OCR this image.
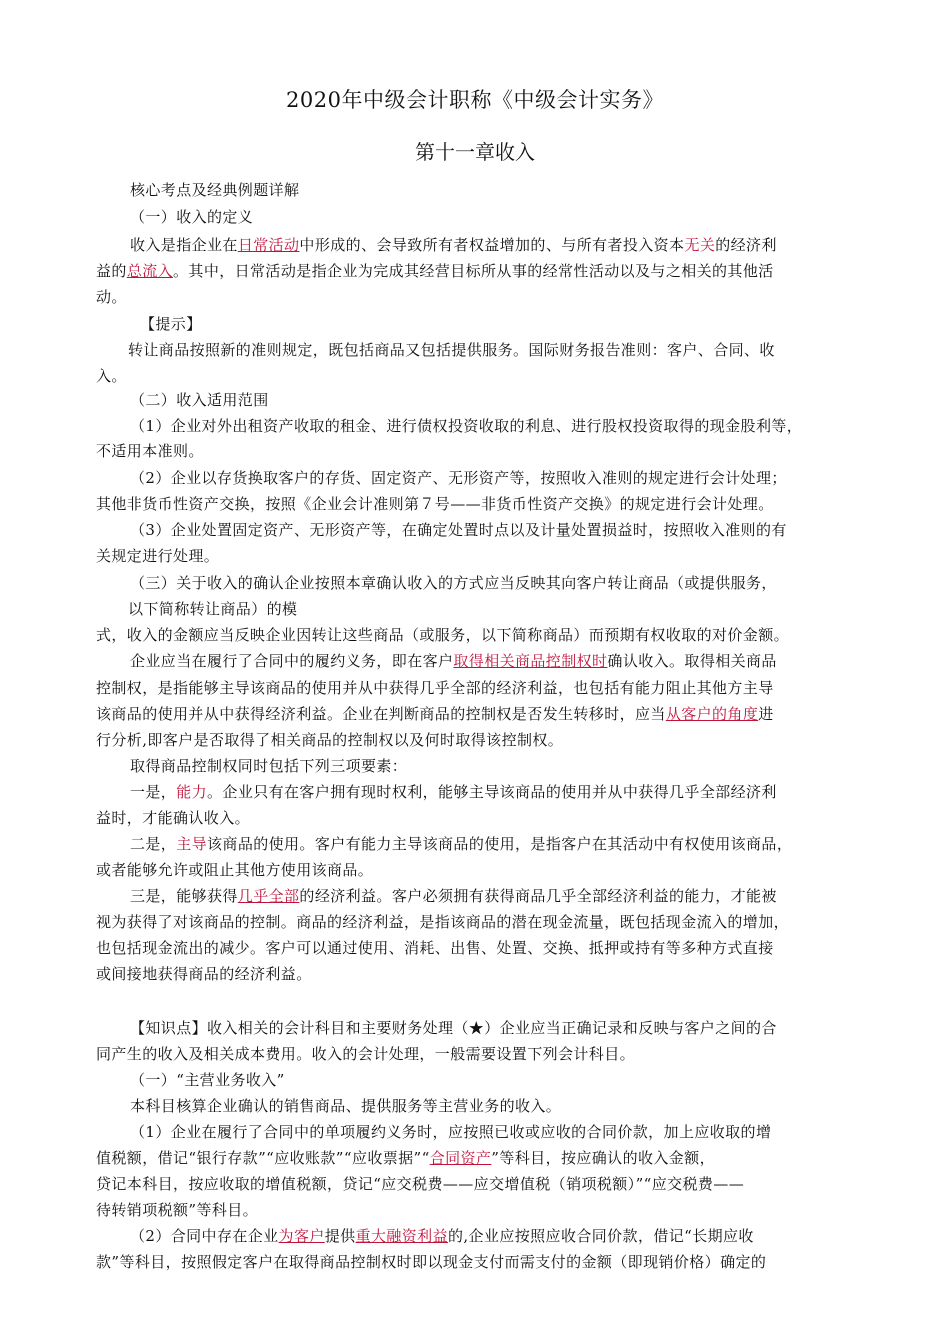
2020年中级会计职称《中级会计实务》
第十一章收入
核心考点及经典例题详解
（一）收入的定义
收入是指企业在日常活动中形成的、会导致所有者权益增加的、与所有者投入资本无关的经济利
益的总流入。其中，日常活动是指企业为完成其经营目标所从事的经常性活动以及与之相关的其他活
动。
【提示】
转让商品按照新的准则规定，既包括商品又包括提供服务。国际财务报告准则：客户、合同、收
入。
（二）收入适用范围
（1）企业对外出租资产收取的租金、进行债权投资收取的利息、进行股权投资取得的现金股利等，
不适用本准则。
（2）企业以存货换取客户的存货、固定资产、无形资产等，按照收入准则的规定进行会计处理；
其他非货币性资产交换，按照《企业会计准则第７号——非货币性资产交换》的规定进行会计处理。
（3）企业处置固定资产、无形资产等，在确定处置时点以及计量处置损益时，按照收入准则的有
关规定进行处理。
（三）关于收入的确认企业按照本章确认收入的方式应当反映其向客户转让商品（或提供服务，
以下简称转让商品）的模
式，收入的金额应当反映企业因转让这些商品（或服务，以下简称商品）而预期有权收取的对价金额。
企业应当在履行了合同中的履约义务，即在客户取得相关商品控制权时确认收入。取得相关商品
控制权，是指能够主导该商品的使用并从中获得几乎全部的经济利益，也包括有能力阻止其他方主导
该商品的使用并从中获得经济利益。企业在判断商品的控制权是否发生转移时，应当从客户的角度进
行分析,即客户是否取得了相关商品的控制权以及何时取得该控制权。
取得商品控制权同时包括下列三项要素：
一是，能力。企业只有在客户拥有现时权利，能够主导该商品的使用并从中获得几乎全部经济利
益时，才能确认收入。
二是，主导该商品的使用。客户有能力主导该商品的使用，是指客户在其活动中有权使用该商品，
或者能够允许或阻止其他方使用该商品。
三是，能够获得几乎全部的经济利益。客户必须拥有获得商品几乎全部经济利益的能力，才能被
视为获得了对该商品的控制。商品的经济利益，是指该商品的潜在现金流量，既包括现金流入的增加，
也包括现金流出的减少。客户可以通过使用、消耗、出售、处置、交换、抵押或持有等多种方式直接
或间接地获得商品的经济利益。
【知识点】收入相关的会计科目和主要财务处理（★）企业应当正确记录和反映与客户之间的合
同产生的收入及相关成本费用。收入的会计处理，一般需要设置下列会计科目。
（一）“主营业务收入”
本科目核算企业确认的销售商品、提供服务等主营业务的收入。
（1）企业在履行了合同中的单项履约义务时，应按照已收或应收的合同价款，加上应收取的增
值税额，借记“银行存款”“应收账款”“应收票据”“合同资产”等科目，按应确认的收入金额，
贷记本科目，按应收取的增值税额，贷记“应交税费——应交增值税（销项税额）”“应交税费——
待转销项税额”等科目。
（2）合同中存在企业为客户提供重大融资利益的,企业应按照应收合同价款，借记“长期应收
款”等科目，按照假定客户在取得商品控制权时即以现金支付而需支付的金额（即现销价格）确定的
